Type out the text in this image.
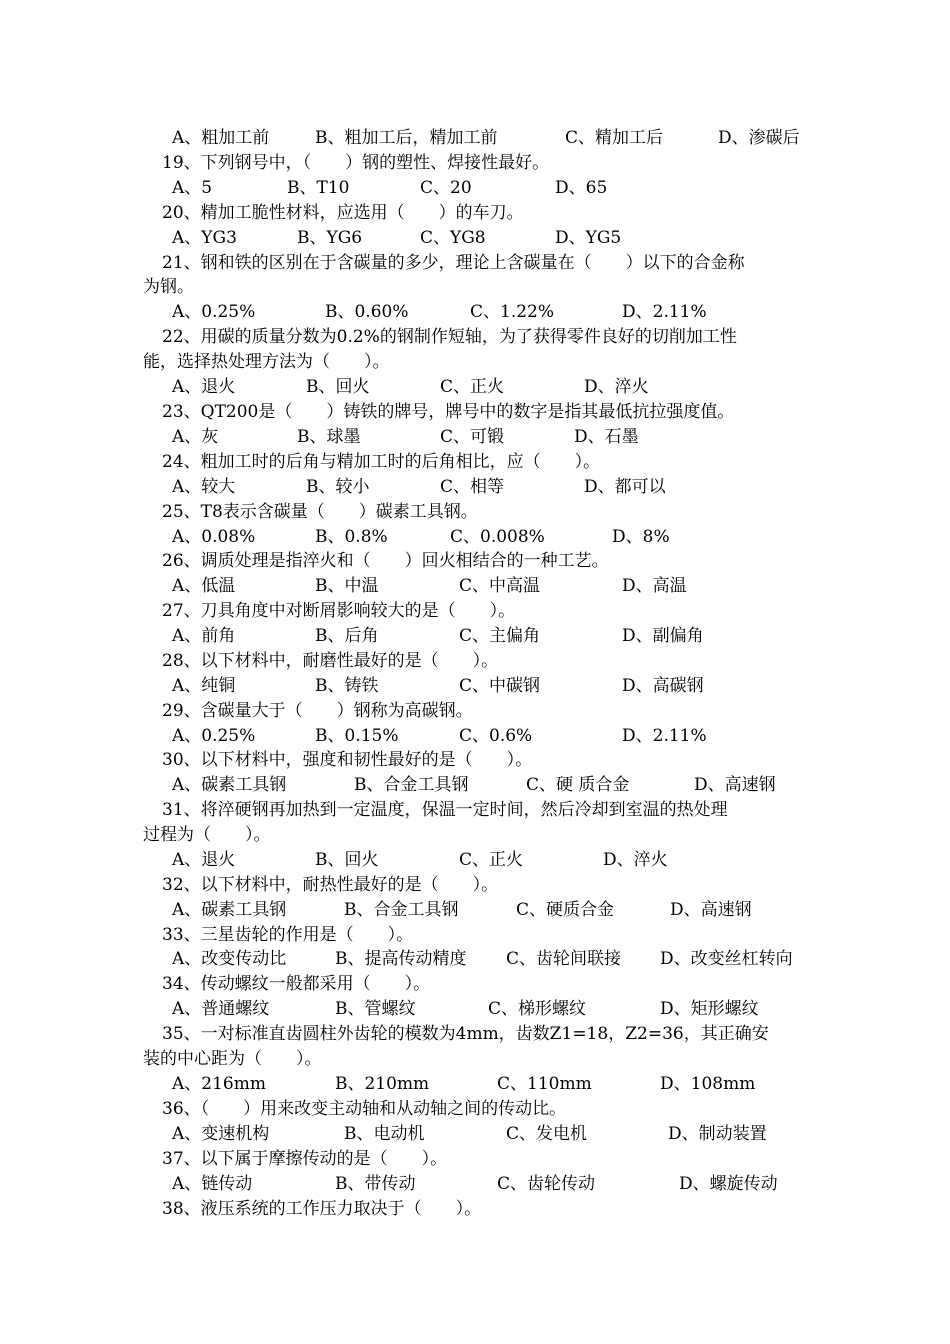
A、粗加工前	B、粗加工后，精加工前	C、精加工后	D、渗碳后
19、下列钢号中，（　　）钢的塑性、焊接性最好。
A、5	B、T10	C、20	D、65
20、精加工脆性材料，应选用（　　）的车刀。
A、YG3	B、YG6	C、YG8	D、YG5
21、钢和铁的区别在于含碳量的多少，理论上含碳量在（　　）以下的合金称
为钢。
A、0.25%	B、0.60%	C、1.22%	D、2.11%
22、用碳的质量分数为0.2%的钢制作短轴，为了获得零件良好的切削加工性
能，选择热处理方法为（　　）。
A、退火	B、回火	C、正火	D、淬火
23、QT200是（　　）铸铁的牌号，牌号中的数字是指其最低抗拉强度值。
A、灰	B、球墨	C、可锻	D、石墨
24、粗加工时的后角与精加工时的后角相比，应（　　）。
A、较大	B、较小	C、相等	D、都可以
25、T8表示含碳量（　　）碳素工具钢。
A、0.08%	B、0.8%	C、0.008%	D、8%
26、调质处理是指淬火和（　　）回火相结合的一种工艺。
A、低温	B、中温	C、中高温	D、高温
27、刀具角度中对断屑影响较大的是（　　）。
A、前角	B、后角	C、主偏角	D、副偏角
28、以下材料中，耐磨性最好的是（　　）。
A、纯铜	B、铸铁	C、中碳钢	D、高碳钢
29、含碳量大于（　　）钢称为高碳钢。
A、0.25%	B、0.15%	C、0.6%	D、2.11%
30、以下材料中，强度和韧性最好的是（　　）。
A、碳素工具钢	B、合金工具钢	C、硬 质合金	D、高速钢
31、将淬硬钢再加热到一定温度，保温一定时间，然后冷却到室温的热处理
过程为（　　）。
A、退火	B、回火	C、正火	D、淬火
32、以下材料中，耐热性最好的是（　　）。
A、碳素工具钢	B、合金工具钢	C、硬质合金	D、高速钢
33、三星齿轮的作用是（　　）。
A、改变传动比	B、提高传动精度 C、齿轮间联接 D、改变丝杠转向
34、传动螺纹一般都采用（　　）。
A、普通螺纹	B、管螺纹	C、梯形螺纹	D、矩形螺纹
35、一对标准直齿圆柱外齿轮的模数为4mm，齿数Z1=18，Z2=36，其正确安
装的中心距为（　　）。
A、216mm	B、210mm	C、110mm	D、108mm
36、（　　）用来改变主动轴和从动轴之间的传动比。
A、变速机构	B、电动机	C、发电机	D、制动装置
37、以下属于摩擦传动的是（　　）。
A、链传动	B、带传动	C、齿轮传动	D、螺旋传动
38、液压系统的工作压力取决于（　　）。
